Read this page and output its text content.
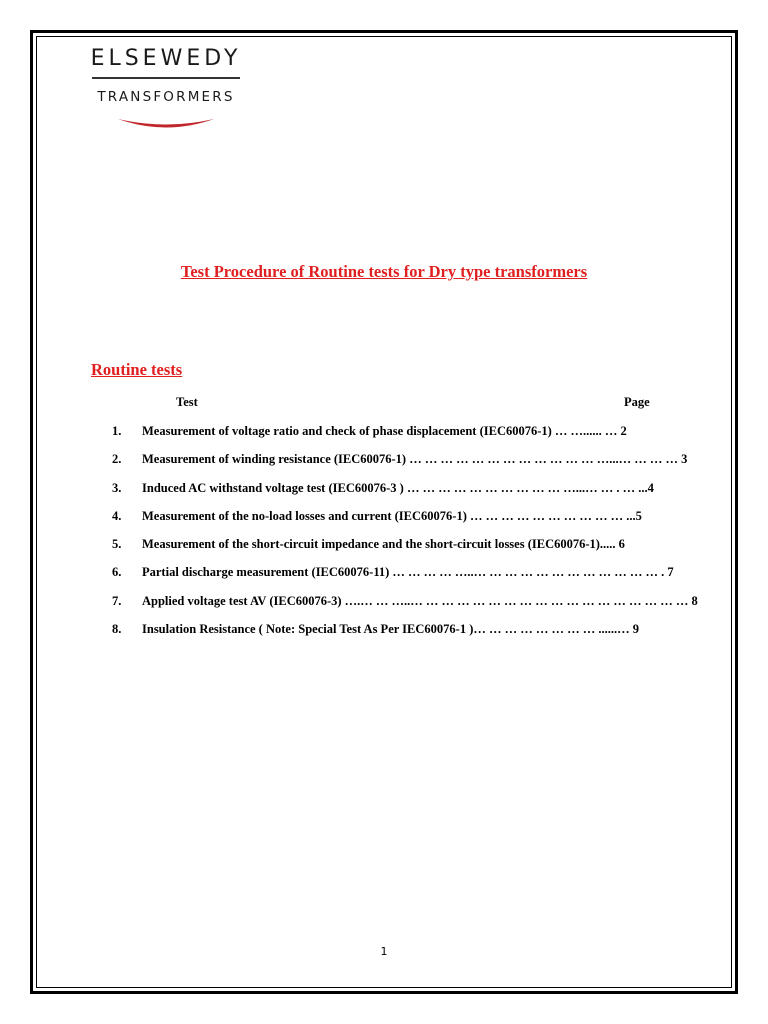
ELSEWEDY
TRANSFORMERS
Test Procedure of Routine tests for Dry type transformers
Routine tests
Test	Page
1.	Measurement of voltage ratio and check of phase displacement (IEC60076-1) … …...... … 2
2.	Measurement of winding resistance (IEC60076-1) … … … … … … … … … … … … …...… … … … 3
3.	Induced AC withstand voltage test (IEC60076-3 ) … … … … … … … … … … …...… … . … ...4
4.	Measurement of the no-load losses and current (IEC60076-1) … … … … … … … … … … ...5
5.	Measurement of the short-circuit impedance and the short-circuit losses (IEC60076-1)..... 6
6.	Partial discharge measurement (IEC60076-11) … … … … …..… … … … … … … … … … … … . 7
7.	Applied voltage test AV (IEC60076-3) ….… … …..… … … … … … … … … … … … … … … … … … 8
8.	Insulation Resistance ( Note: Special Test As Per IEC60076-1 )… … … … … … … … ......… 9
1
